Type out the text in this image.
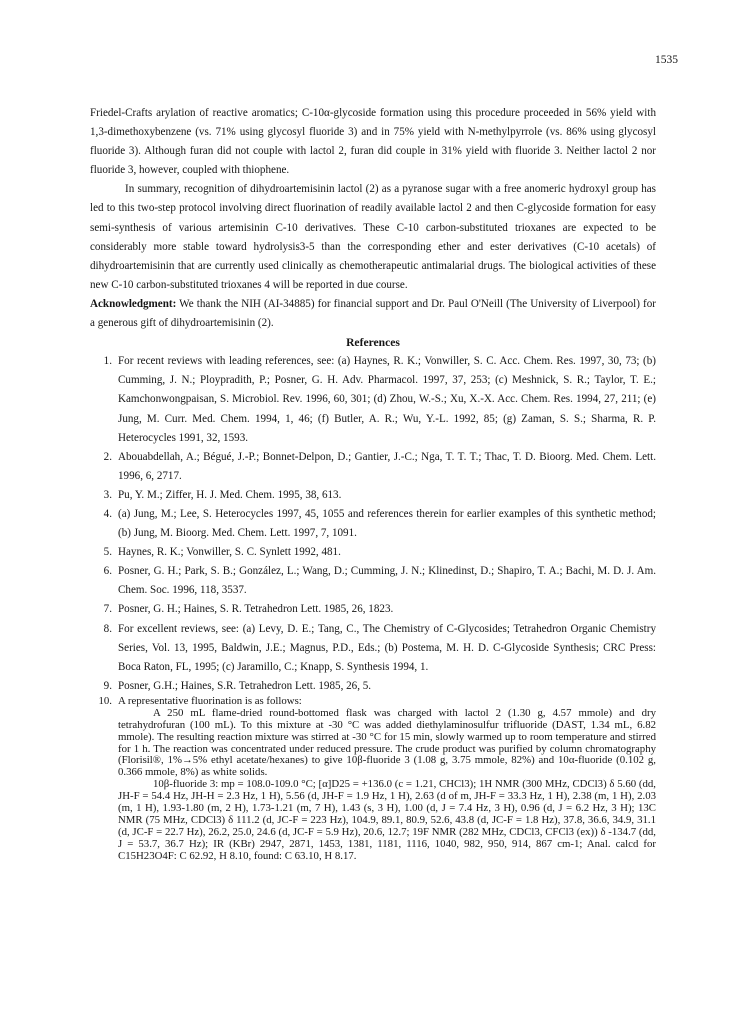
1535

Friedel-Crafts arylation of reactive aromatics; C-10α-glycoside formation using this procedure proceeded in 56% yield with 1,3-dimethoxybenzene (vs. 71% using glycosyl fluoride 3) and in 75% yield with N-methylpyrrole (vs. 86% using glycosyl fluoride 3). Although furan did not couple with lactol 2, furan did couple in 31% yield with fluoride 3. Neither lactol 2 nor fluoride 3, however, coupled with thiophene.

In summary, recognition of dihydroartemisinin lactol (2) as a pyranose sugar with a free anomeric hydroxyl group has led to this two-step protocol involving direct fluorination of readily available lactol 2 and then C-glycoside formation for easy semi-synthesis of various artemisinin C-10 derivatives. These C-10 carbon-substituted trioxanes are expected to be considerably more stable toward hydrolysis3-5 than the corresponding ether and ester derivatives (C-10 acetals) of dihydroartemisinin that are currently used clinically as chemotherapeutic antimalarial drugs. The biological activities of these new C-10 carbon-substituted trioxanes 4 will be reported in due course.

Acknowledgment: We thank the NIH (AI-34885) for financial support and Dr. Paul O'Neill (The University of Liverpool) for a generous gift of dihydroartemisinin (2).

References
1. For recent reviews with leading references, see: (a) Haynes, R. K.; Vonwiller, S. C. Acc. Chem. Res. 1997, 30, 73; (b) Cumming, J. N.; Ploypradith, P.; Posner, G. H. Adv. Pharmacol. 1997, 37, 253; (c) Meshnick, S. R.; Taylor, T. E.; Kamchonwongpaisan, S. Microbiol. Rev. 1996, 60, 301; (d) Zhou, W.-S.; Xu, X.-X. Acc. Chem. Res. 1994, 27, 211; (e) Jung, M. Curr. Med. Chem. 1994, 1, 46; (f) Butler, A. R.; Wu, Y.-L. 1992, 85; (g) Zaman, S. S.; Sharma, R. P. Heterocycles 1991, 32, 1593.
2. Abouabdellah, A.; Bégué, J.-P.; Bonnet-Delpon, D.; Gantier, J.-C.; Nga, T. T. T.; Thac, T. D. Bioorg. Med. Chem. Lett. 1996, 6, 2717.
3. Pu, Y. M.; Ziffer, H. J. Med. Chem. 1995, 38, 613.
4. (a) Jung, M.; Lee, S. Heterocycles 1997, 45, 1055 and references therein for earlier examples of this synthetic method; (b) Jung, M. Bioorg. Med. Chem. Lett. 1997, 7, 1091.
5. Haynes, R. K.; Vonwiller, S. C. Synlett 1992, 481.
6. Posner, G. H.; Park, S. B.; González, L.; Wang, D.; Cumming, J. N.; Klinedinst, D.; Shapiro, T. A.; Bachi, M. D. J. Am. Chem. Soc. 1996, 118, 3537.
7. Posner, G. H.; Haines, S. R. Tetrahedron Lett. 1985, 26, 1823.
8. For excellent reviews, see: (a) Levy, D. E.; Tang, C., The Chemistry of C-Glycosides; Tetrahedron Organic Chemistry Series, Vol. 13, 1995, Baldwin, J.E.; Magnus, P.D., Eds.; (b) Postema, M. H. D. C-Glycoside Synthesis; CRC Press: Boca Raton, FL, 1995; (c) Jaramillo, C.; Knapp, S. Synthesis 1994, 1.
9. Posner, G.H.; Haines, S.R. Tetrahedron Lett. 1985, 26, 5.
10. A representative fluorination is as follows:

A 250 mL flame-dried round-bottomed flask was charged with lactol 2 (1.30 g, 4.57 mmole) and dry tetrahydrofuran (100 mL). To this mixture at -30 °C was added diethylaminosulfur trifluoride (DAST, 1.34 mL, 6.82 mmole). The resulting reaction mixture was stirred at -30 °C for 15 min, slowly warmed up to room temperature and stirred for 1 h. The reaction was concentrated under reduced pressure. The crude product was purified by column chromatography (Florisil®, 1%→5% ethyl acetate/hexanes) to give 10β-fluoride 3 (1.08 g, 3.75 mmole, 82%) and 10α-fluoride (0.102 g, 0.366 mmole, 8%) as white solids.

10β-fluoride 3: mp = 108.0-109.0 °C; [α]D25 = +136.0 (c = 1.21, CHCl3); 1H NMR (300 MHz, CDCl3) δ 5.60 (dd, JH-F = 54.4 Hz, JH-H = 2.3 Hz, 1 H), 5.56 (d, JH-F = 1.9 Hz, 1 H), 2.63 (d of m, JH-F = 33.3 Hz, 1 H), 2.38 (m, 1 H), 2.03 (m, 1 H), 1.93-1.80 (m, 2 H), 1.73-1.21 (m, 7 H), 1.43 (s, 3 H), 1.00 (d, J = 7.4 Hz, 3 H), 0.96 (d, J = 6.2 Hz, 3 H); 13C NMR (75 MHz, CDCl3) δ 111.2 (d, JC-F = 223 Hz), 104.9, 89.1, 80.9, 52.6, 43.8 (d, JC-F = 1.8 Hz), 37.8, 36.6, 34.9, 31.1 (d, JC-F = 22.7 Hz), 26.2, 25.0, 24.6 (d, JC-F = 5.9 Hz), 20.6, 12.7; 19F NMR (282 MHz, CDCl3, CFCl3 (ex)) δ -134.7 (dd, J = 53.7, 36.7 Hz); IR (KBr) 2947, 2871, 1453, 1381, 1181, 1116, 1040, 982, 950, 914, 867 cm-1; Anal. calcd for C15H23O4F: C 62.92, H 8.10, found: C 63.10, H 8.17.
